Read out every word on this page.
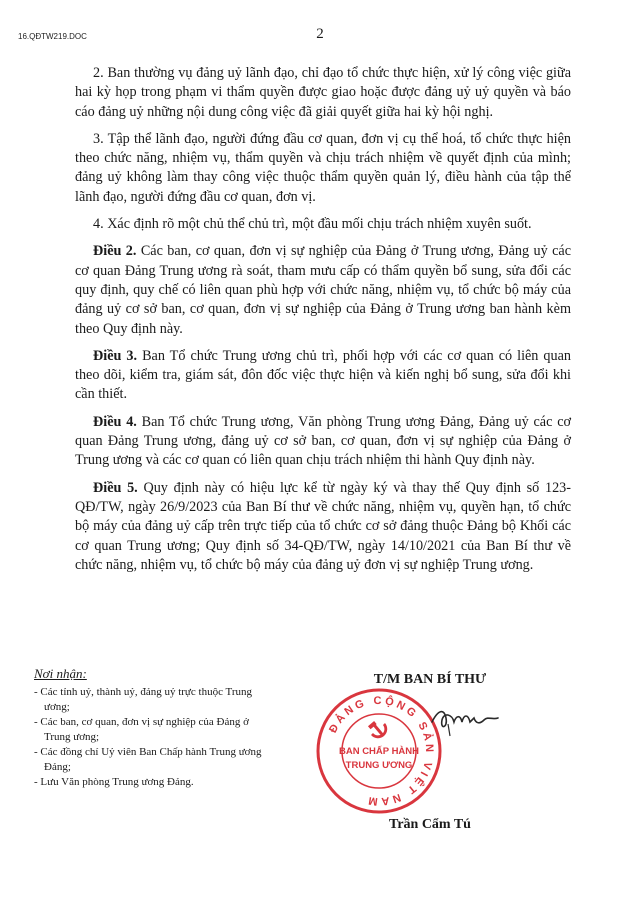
16.QĐTW219.DOC	2

2. Ban thường vụ đảng uỷ lãnh đạo, chỉ đạo tổ chức thực hiện, xử lý công việc giữa hai kỳ họp trong phạm vi thẩm quyền được giao hoặc được đảng uỷ uỷ quyền và báo cáo đảng uỷ những nội dung công việc đã giải quyết giữa hai kỳ hội nghị.

3. Tập thể lãnh đạo, người đứng đầu cơ quan, đơn vị cụ thể hoá, tổ chức thực hiện theo chức năng, nhiệm vụ, thẩm quyền và chịu trách nhiệm về quyết định của mình; đảng uỷ không làm thay công việc thuộc thẩm quyền quản lý, điều hành của tập thể lãnh đạo, người đứng đầu cơ quan, đơn vị.

4. Xác định rõ một chủ thể chủ trì, một đầu mối chịu trách nhiệm xuyên suốt.

Điều 2. Các ban, cơ quan, đơn vị sự nghiệp của Đảng ở Trung ương, Đảng uỷ các cơ quan Đảng Trung ương rà soát, tham mưu cấp có thẩm quyền bổ sung, sửa đổi các quy định, quy chế có liên quan phù hợp với chức năng, nhiệm vụ, tổ chức bộ máy của đảng uỷ cơ sở ban, cơ quan, đơn vị sự nghiệp của Đảng ở Trung ương ban hành kèm theo Quy định này.

Điều 3. Ban Tổ chức Trung ương chủ trì, phối hợp với các cơ quan có liên quan theo dõi, kiểm tra, giám sát, đôn đốc việc thực hiện và kiến nghị bổ sung, sửa đổi khi cần thiết.

Điều 4. Ban Tổ chức Trung ương, Văn phòng Trung ương Đảng, Đảng uỷ các cơ quan Đảng Trung ương, đảng uỷ cơ sở ban, cơ quan, đơn vị sự nghiệp của Đảng ở Trung ương và các cơ quan có liên quan chịu trách nhiệm thi hành Quy định này.

Điều 5. Quy định này có hiệu lực kể từ ngày ký và thay thế Quy định số 123-QĐ/TW, ngày 26/9/2023 của Ban Bí thư về chức năng, nhiệm vụ, quyền hạn, tổ chức bộ máy của đảng uỷ cấp trên trực tiếp của tổ chức cơ sở đảng thuộc Đảng bộ Khối các cơ quan Trung ương; Quy định số 34-QĐ/TW, ngày 14/10/2021 của Ban Bí thư về chức năng, nhiệm vụ, tổ chức bộ máy của đảng uỷ đơn vị sự nghiệp Trung ương.

Nơi nhận:
- Các tỉnh uỷ, thành uỷ, đảng uỷ trực thuộc Trung ương;
- Các ban, cơ quan, đơn vị sự nghiệp của Đảng ở Trung ương;
- Các đồng chí Uỷ viên Ban Chấp hành Trung ương Đảng;
- Lưu Văn phòng Trung ương Đảng.
T/M BAN BÍ THƯ
ĐẢNG CỘNG SẢN VIỆT NAM
BAN CHẤP HÀNH
TRUNG ƯƠNG
Trần Cẩm Tú
